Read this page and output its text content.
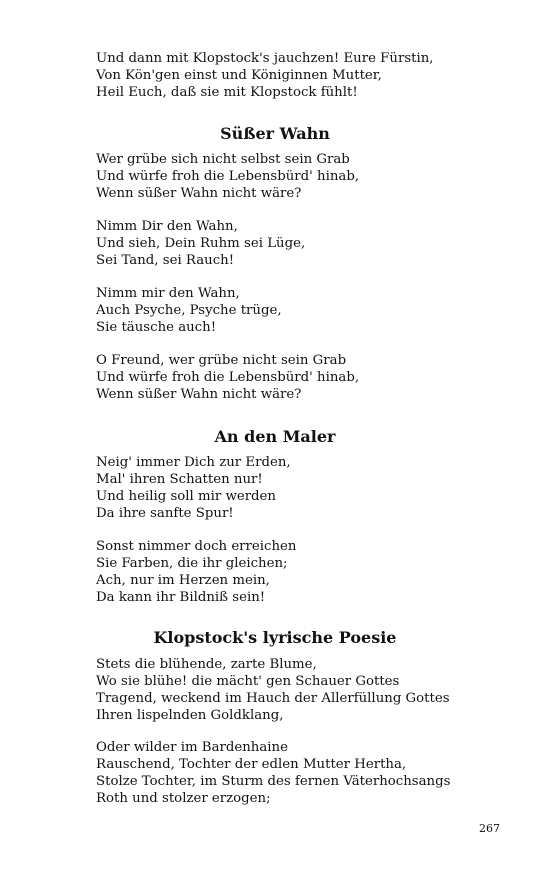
Und dann mit Klopstock's jauchzen! Eure Fürstin,
Von Kön'gen einst und Königinnen Mutter,
Heil Euch, daß sie mit Klopstock fühlt!
Süßer Wahn
Wer grübe sich nicht selbst sein Grab
Und würfe froh die Lebensbürd' hinab,
Wenn süßer Wahn nicht wäre?
Nimm Dir den Wahn,
Und sieh, Dein Ruhm sei Lüge,
Sei Tand, sei Rauch!
Nimm mir den Wahn,
Auch Psyche, Psyche trüge,
Sie täusche auch!
O Freund, wer grübe nicht sein Grab
Und würfe froh die Lebensbürd' hinab,
Wenn süßer Wahn nicht wäre?
An den Maler
Neig' immer Dich zur Erden,
Mal' ihren Schatten nur!
Und heilig soll mir werden
Da ihre sanfte Spur!
Sonst nimmer doch erreichen
Sie Farben, die ihr gleichen;
Ach, nur im Herzen mein,
Da kann ihr Bildniß sein!
Klopstock's lyrische Poesie
Stets die blühende, zarte Blume,
Wo sie blühe! die mächt' gen Schauer Gottes
Tragend, weckend im Hauch der Allerfüllung Gottes
Ihren lispelnden Goldklang,
Oder wilder im Bardenhaine
Rauschend, Tochter der edlen Mutter Hertha,
Stolze Tochter, im Sturm des fernen Väterhochsangs
Roth und stolzer erzogen;
267
